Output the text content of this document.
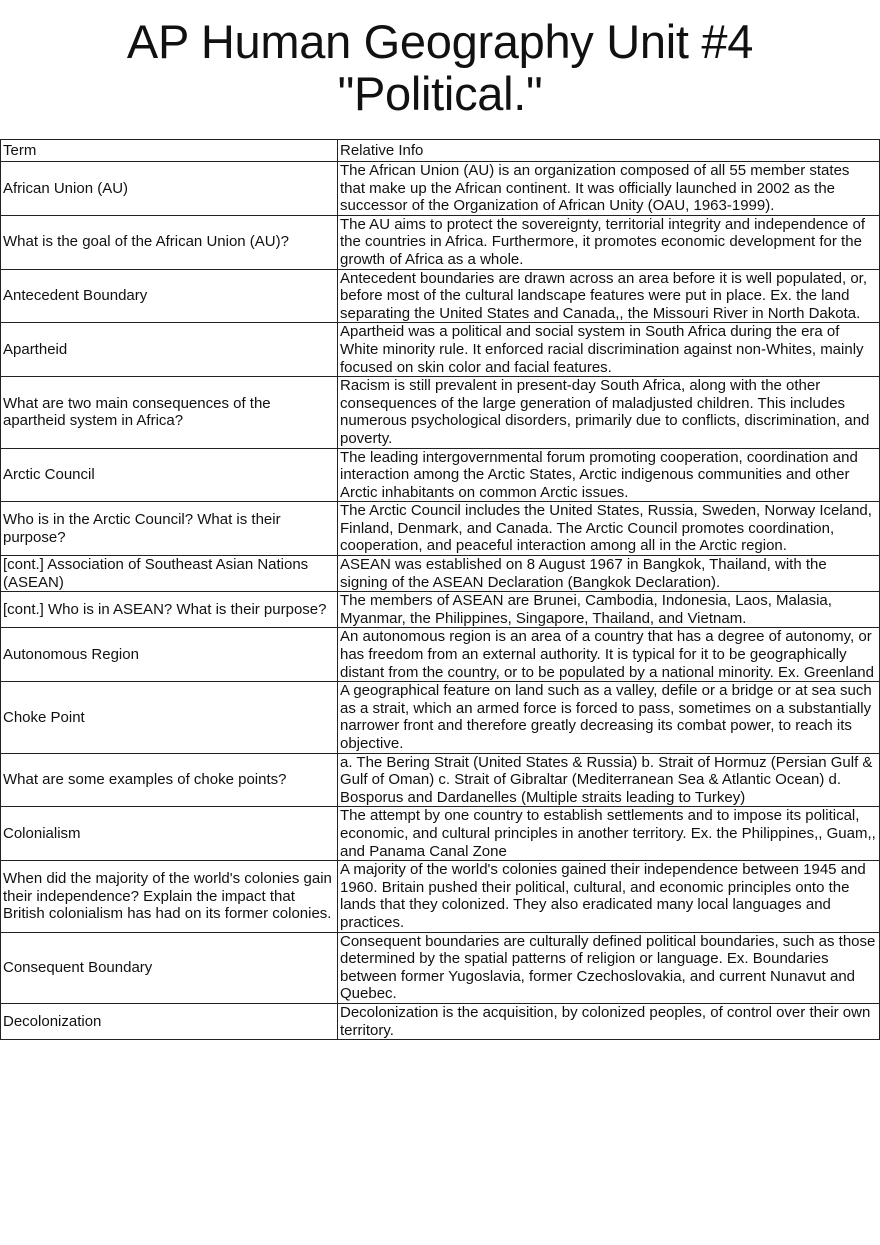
AP Human Geography Unit #4
"Political."
Term	Relative Info
African Union (AU)	The African Union (AU) is an organization composed of all 55 member states that make up the African continent. It was officially launched in 2002 as the successor of the Organization of African Unity (OAU, 1963-1999).
What is the goal of the African Union (AU)?	The AU aims to protect the sovereignty, territorial integrity and independence of the countries in Africa. Furthermore, it promotes economic development for the growth of Africa as a whole.
Antecedent Boundary	Antecedent boundaries are drawn across an area before it is well populated, or, before most of the cultural landscape features were put in place. Ex. the land separating the United States and Canada,, the Missouri River in North Dakota.
Apartheid	Apartheid was a political and social system in South Africa during the era of White minority rule. It enforced racial discrimination against non-Whites, mainly focused on skin color and facial features.
What are two main consequences of the apartheid system in Africa?	Racism is still prevalent in present-day South Africa, along with the other consequences of the large generation of maladjusted children. This includes numerous psychological disorders, primarily due to conflicts, discrimination, and poverty.
Arctic Council	The leading intergovernmental forum promoting cooperation, coordination and interaction among the Arctic States, Arctic indigenous communities and other Arctic inhabitants on common Arctic issues.
Who is in the Arctic Council? What is their purpose?	The Arctic Council includes the United States, Russia, Sweden, Norway Iceland, Finland, Denmark, and Canada. The Arctic Council promotes coordination, cooperation, and peaceful interaction among all in the Arctic region.
[cont.] Association of Southeast Asian Nations (ASEAN)	ASEAN was established on 8 August 1967 in Bangkok, Thailand, with the signing of the ASEAN Declaration (Bangkok Declaration).
[cont.] Who is in ASEAN? What is their purpose?	The members of ASEAN are Brunei, Cambodia, Indonesia, Laos, Malasia, Myanmar, the Philippines, Singapore, Thailand, and Vietnam.
Autonomous Region	An autonomous region is an area of a country that has a degree of autonomy, or has freedom from an external authority. It is typical for it to be geographically distant from the country, or to be populated by a national minority. Ex. Greenland
Choke Point	A geographical feature on land such as a valley, defile or a bridge or at sea such as a strait, which an armed force is forced to pass, sometimes on a substantially narrower front and therefore greatly decreasing its combat power, to reach its objective.
What are some examples of choke points?	a. The Bering Strait (United States & Russia) b. Strait of Hormuz (Persian Gulf & Gulf of Oman) c. Strait of Gibraltar (Mediterranean Sea & Atlantic Ocean) d. Bosporus and Dardanelles (Multiple straits leading to Turkey)
Colonialism	The attempt by one country to establish settlements and to impose its political, economic, and cultural principles in another territory. Ex. the Philippines,, Guam,, and Panama Canal Zone
When did the majority of the world's colonies gain their independence? Explain the impact that British colonialism has had on its former colonies.	A majority of the world's colonies gained their independence between 1945 and 1960. Britain pushed their political, cultural, and economic principles onto the lands that they colonized. They also eradicated many local languages and practices.
Consequent Boundary	Consequent boundaries are culturally defined political boundaries, such as those determined by the spatial patterns of religion or language. Ex. Boundaries between former Yugoslavia, former Czechoslovakia, and current Nunavut and Quebec.
Decolonization	Decolonization is the acquisition, by colonized peoples, of control over their own territory.
